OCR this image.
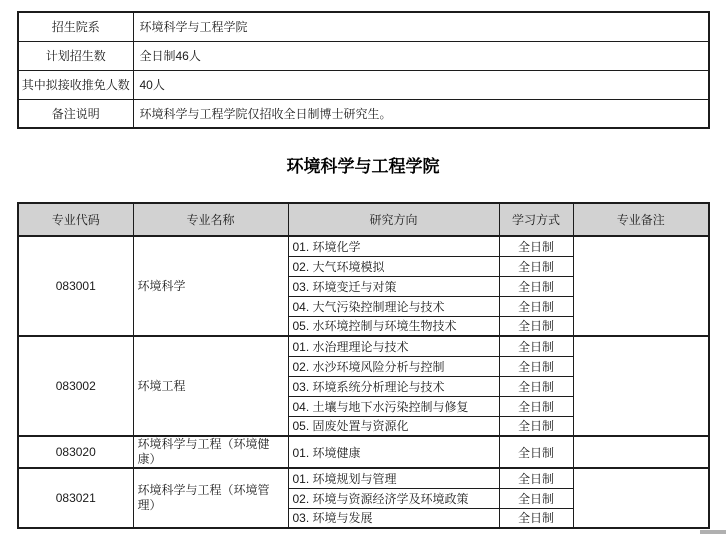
招生院系	环境科学与工程学院
计划招生数	全日制46人
其中拟接收推免人数	40人
备注说明	环境科学与工程学院仅招收全日制博士研究生。
环境科学与工程学院
专业代码	专业名称	研究方向	学习方式	专业备注
083001	环境科学	01. 环境化学	全日制	
		02. 大气环境模拟	全日制	
		03. 环境变迁与对策	全日制	
		04. 大气污染控制理论与技术	全日制	
		05. 水环境控制与环境生物技术	全日制	
083002	环境工程	01. 水治理理论与技术	全日制	
		02. 水沙环境风险分析与控制	全日制	
		03. 环境系统分析理论与技术	全日制	
		04. 土壤与地下水污染控制与修复	全日制	
		05. 固废处置与资源化	全日制	
083020	环境科学与工程（环境健康）	01. 环境健康	全日制	
083021	环境科学与工程（环境管理）	01. 环境规划与管理	全日制	
		02. 环境与资源经济学及环境政策	全日制	
		03. 环境与发展	全日制	
